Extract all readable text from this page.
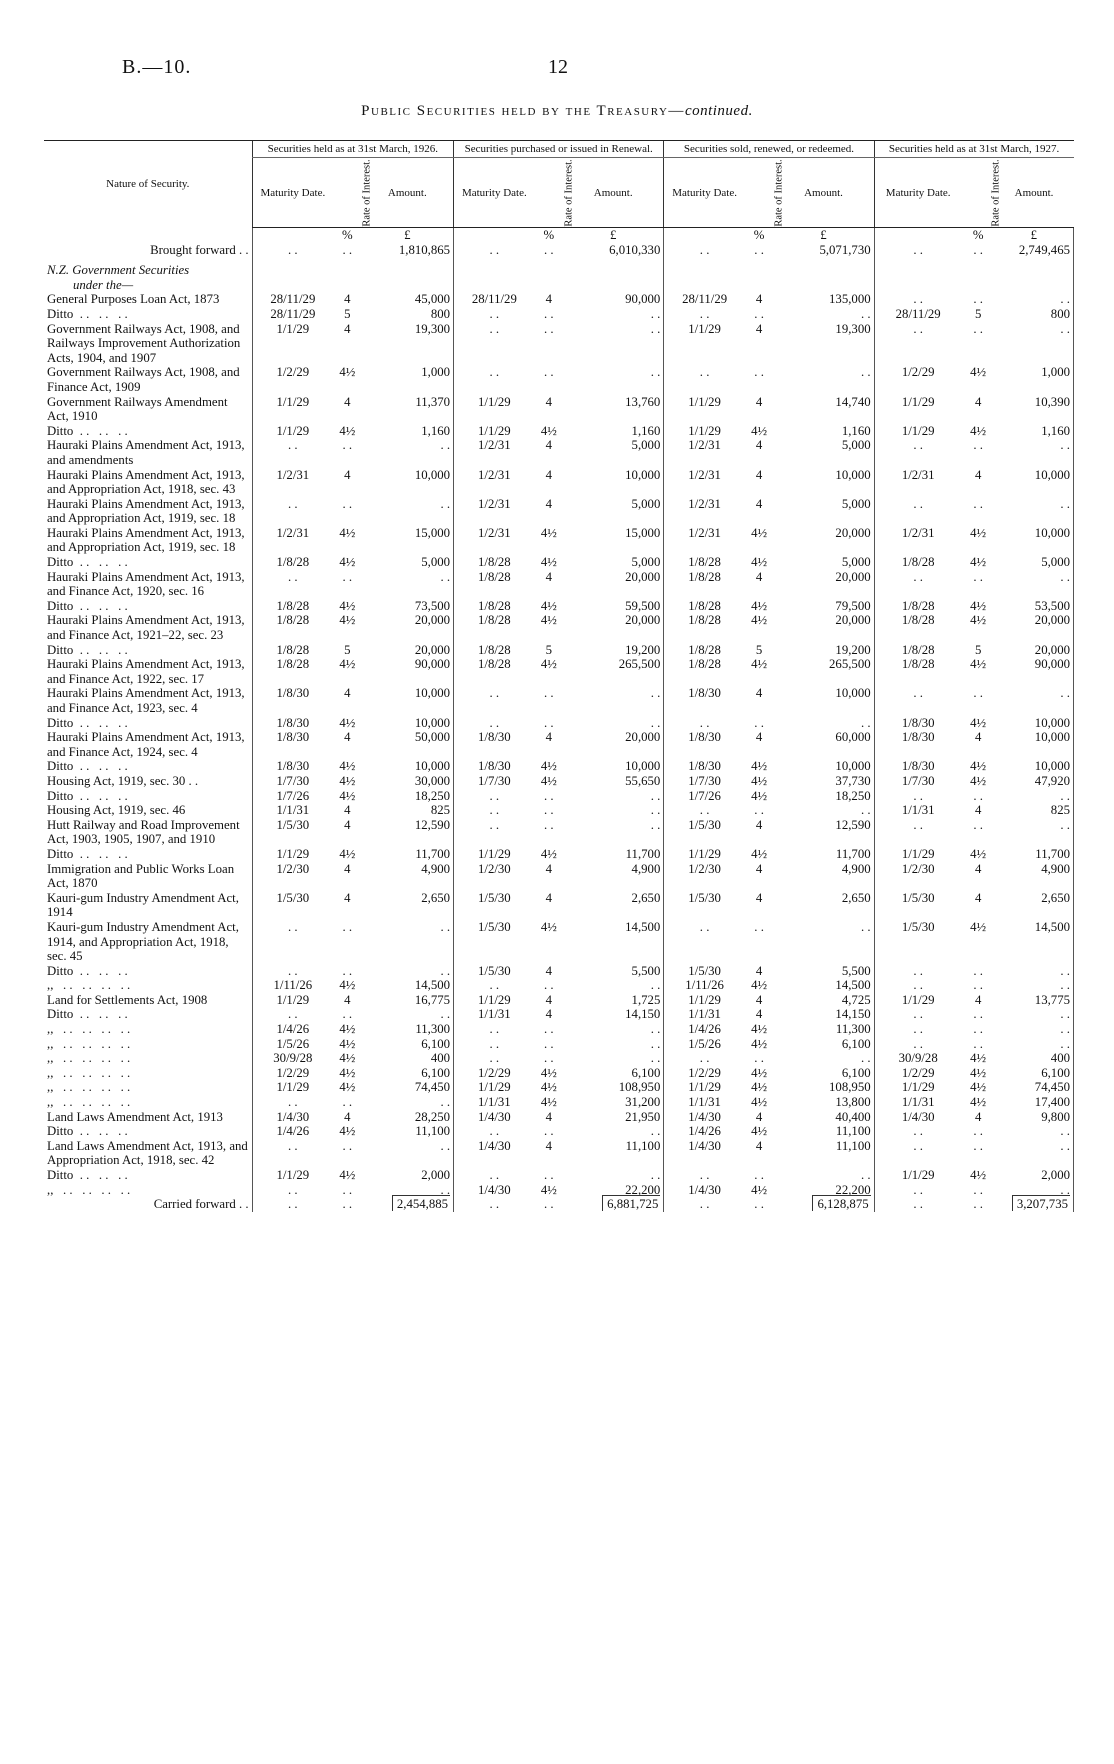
B.—10.	12
Public Securities held by the Treasury—continued.
Nature of Security.	Securities held as at 31st March, 1926.			Securities purchased or issued in Renewal.			Securities sold, renewed, or redeemed.			Securities held as at 31st March, 1927.		
	Maturity Date.	Rate of Interest.	Amount.	Maturity Date.	Rate of Interest.	Amount.	Maturity Date.	Rate of Interest.	Amount.	Maturity Date.	Rate of Interest.	Amount.
		%	£		%	£		%	£		%	£
Brought forward . .	. .	. .	1,810,865	. .	. .	6,010,330	. .	. .	5,071,730	. .	. .	2,749,465

N.Z. Government Securities
under the—												
General Purposes Loan Act, 1873	28/11/29	4	45,000	28/11/29	4	90,000	28/11/29	4	135,000	. .	. .	. .
Ditto  . .   . .   . .	28/11/29	5	800	. .	. .	. .	. .	. .	. .	28/11/29	5	800
Government Railways Act, 1908, and Railways Improvement Authorization Acts, 1904, and 1907	1/1/29	4	19,300	. .	. .	. .	1/1/29	4	19,300	. .	. .	. .
Government Railways Act, 1908, and Finance Act, 1909	1/2/29	4½	1,000	. .	. .	. .	. .	. .	. .	1/2/29	4½	1,000
Government Railways Amendment Act, 1910	1/1/29	4	11,370	1/1/29	4	13,760	1/1/29	4	14,740	1/1/29	4	10,390
Ditto  . .   . .   . .	1/1/29	4½	1,160	1/1/29	4½	1,160	1/1/29	4½	1,160	1/1/29	4½	1,160
Hauraki Plains Amendment Act, 1913, and amendments	. .	. .	. .	1/2/31	4	5,000	1/2/31	4	5,000	. .	. .	. .
Hauraki Plains Amendment Act, 1913, and Appropriation Act, 1918, sec. 43	1/2/31	4	10,000	1/2/31	4	10,000	1/2/31	4	10,000	1/2/31	4	10,000
Hauraki Plains Amendment Act, 1913, and Appropriation Act, 1919, sec. 18	. .	. .	. .	1/2/31	4	5,000	1/2/31	4	5,000	. .	. .	. .
Hauraki Plains Amendment Act, 1913, and Appropriation Act, 1919, sec. 18	1/2/31	4½	15,000	1/2/31	4½	15,000	1/2/31	4½	20,000	1/2/31	4½	10,000
Ditto  . .   . .   . .	1/8/28	4½	5,000	1/8/28	4½	5,000	1/8/28	4½	5,000	1/8/28	4½	5,000
Hauraki Plains Amendment Act, 1913, and Finance Act, 1920, sec. 16	. .	. .	. .	1/8/28	4	20,000	1/8/28	4	20,000	. .	. .	. .
Ditto  . .   . .   . .	1/8/28	4½	73,500	1/8/28	4½	59,500	1/8/28	4½	79,500	1/8/28	4½	53,500
Hauraki Plains Amendment Act, 1913, and Finance Act, 1921–22, sec. 23	1/8/28	4½	20,000	1/8/28	4½	20,000	1/8/28	4½	20,000	1/8/28	4½	20,000
Ditto  . .   . .   . .	1/8/28	5	20,000	1/8/28	5	19,200	1/8/28	5	19,200	1/8/28	5	20,000
Hauraki Plains Amendment Act, 1913, and Finance Act, 1922, sec. 17	1/8/28	4½	90,000	1/8/28	4½	265,500	1/8/28	4½	265,500	1/8/28	4½	90,000
Hauraki Plains Amendment Act, 1913, and Finance Act, 1923, sec. 4	1/8/30	4	10,000	. .	. .	. .	1/8/30	4	10,000	. .	. .	. .
Ditto  . .   . .   . .	1/8/30	4½	10,000	. .	. .	. .	. .	. .	. .	1/8/30	4½	10,000
Hauraki Plains Amendment Act, 1913, and Finance Act, 1924, sec. 4	1/8/30	4	50,000	1/8/30	4	20,000	1/8/30	4	60,000	1/8/30	4	10,000
Ditto  . .   . .   . .	1/8/30	4½	10,000	1/8/30	4½	10,000	1/8/30	4½	10,000	1/8/30	4½	10,000
Housing Act, 1919, sec. 30 . .	1/7/30	4½	30,000	1/7/30	4½	55,650	1/7/30	4½	37,730	1/7/30	4½	47,920
Ditto  . .   . .   . .	1/7/26	4½	18,250	. .	. .	. .	1/7/26	4½	18,250	. .	. .	. .
Housing Act, 1919, sec. 46	1/1/31	4	825	. .	. .	. .	. .	. .	. .	1/1/31	4	825
Hutt Railway and Road Improvement Act, 1903, 1905, 1907, and 1910	1/5/30	4	12,590	. .	. .	. .	1/5/30	4	12,590	. .	. .	. .
Ditto  . .   . .   . .	1/1/29	4½	11,700	1/1/29	4½	11,700	1/1/29	4½	11,700	1/1/29	4½	11,700
Immigration and Public Works Loan Act, 1870	1/2/30	4	4,900	1/2/30	4	4,900	1/2/30	4	4,900	1/2/30	4	4,900
Kauri-gum Industry Amendment Act, 1914	1/5/30	4	2,650	1/5/30	4	2,650	1/5/30	4	2,650	1/5/30	4	2,650
Kauri-gum Industry Amendment Act, 1914, and Appropriation Act, 1918, sec. 45	. .	. .	. .	1/5/30	4½	14,500	. .	. .	. .	1/5/30	4½	14,500
Ditto  . .   . .   . .	. .	. .	. .	1/5/30	4	5,500	1/5/30	4	5,500	. .	. .	. .
,,   . .   . .   . .   . .	1/11/26	4½	14,500	. .	. .	. .	1/11/26	4½	14,500	. .	. .	. .
Land for Settlements Act, 1908	1/1/29	4	16,775	1/1/29	4	1,725	1/1/29	4	4,725	1/1/29	4	13,775
Ditto  . .   . .   . .	. .	. .	. .	1/1/31	4	14,150	1/1/31	4	14,150	. .	. .	. .
,,   . .   . .   . .   . .	1/4/26	4½	11,300	. .	. .	. .	1/4/26	4½	11,300	. .	. .	. .
,,   . .   . .   . .   . .	1/5/26	4½	6,100	. .	. .	. .	1/5/26	4½	6,100	. .	. .	. .
,,   . .   . .   . .   . .	30/9/28	4½	400	. .	. .	. .	. .	. .	. .	30/9/28	4½	400
,,   . .   . .   . .   . .	1/2/29	4½	6,100	1/2/29	4½	6,100	1/2/29	4½	6,100	1/2/29	4½	6,100
,,   . .   . .   . .   . .	1/1/29	4½	74,450	1/1/29	4½	108,950	1/1/29	4½	108,950	1/1/29	4½	74,450
,,   . .   . .   . .   . .	. .	. .	. .	1/1/31	4½	31,200	1/1/31	4½	13,800	1/1/31	4½	17,400
Land Laws Amendment Act, 1913	1/4/30	4	28,250	1/4/30	4	21,950	1/4/30	4	40,400	1/4/30	4	9,800
Ditto  . .   . .   . .	1/4/26	4½	11,100	. .	. .	. .	1/4/26	4½	11,100	. .	. .	. .
Land Laws Amendment Act, 1913, and Appropriation Act, 1918, sec. 42	. .	. .	. .	1/4/30	4	11,100	1/4/30	4	11,100	. .	. .	. .
Ditto  . .   . .   . .	1/1/29	4½	2,000	. .	. .	. .	. .	. .	. .	1/1/29	4½	2,000
,,   . .   . .   . .   . .	. .	. .	. .	1/4/30	4½	22,200	1/4/30	4½	22,200	. .	. .	. .
Carried forward . .	. .	. .	2,454,885	. .	. .	6,881,725	. .	. .	6,128,875	. .	. .	3,207,735
